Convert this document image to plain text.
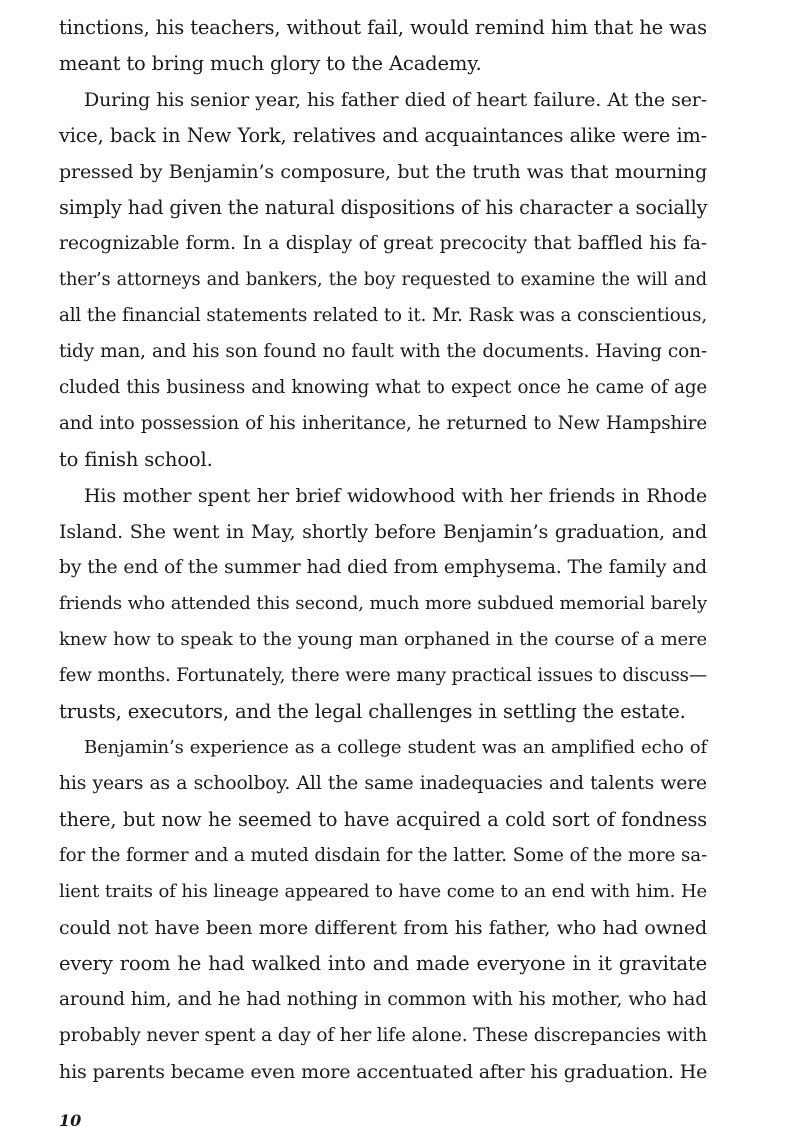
tinctions, his teachers, without fail, would remind him that he was
meant to bring much glory to the Academy.
During his senior year, his father died of heart failure. At the ser-
vice, back in New York, relatives and acquaintances alike were im-
pressed by Benjamin’s composure, but the truth was that mourning
simply had given the natural dispositions of his character a socially
recognizable form. In a display of great precocity that baffled his fa-
ther’s attorneys and bankers, the boy requested to examine the will and
all the financial statements related to it. Mr. Rask was a conscientious,
tidy man, and his son found no fault with the documents. Having con-
cluded this business and knowing what to expect once he came of age
and into possession of his inheritance, he returned to New Hampshire
to finish school.
His mother spent her brief widowhood with her friends in Rhode
Island. She went in May, shortly before Benjamin’s graduation, and
by the end of the summer had died from emphysema. The family and
friends who attended this second, much more subdued memorial barely
knew how to speak to the young man orphaned in the course of a mere
few months. Fortunately, there were many practical issues to discuss—
trusts, executors, and the legal challenges in settling the estate.
Benjamin’s experience as a college student was an amplified echo of
his years as a schoolboy. All the same inadequacies and talents were
there, but now he seemed to have acquired a cold sort of fondness
for the former and a muted disdain for the latter. Some of the more sa-
lient traits of his lineage appeared to have come to an end with him. He
could not have been more different from his father, who had owned
every room he had walked into and made everyone in it gravitate
around him, and he had nothing in common with his mother, who had
probably never spent a day of her life alone. These discrepancies with
his parents became even more accentuated after his graduation. He
10
